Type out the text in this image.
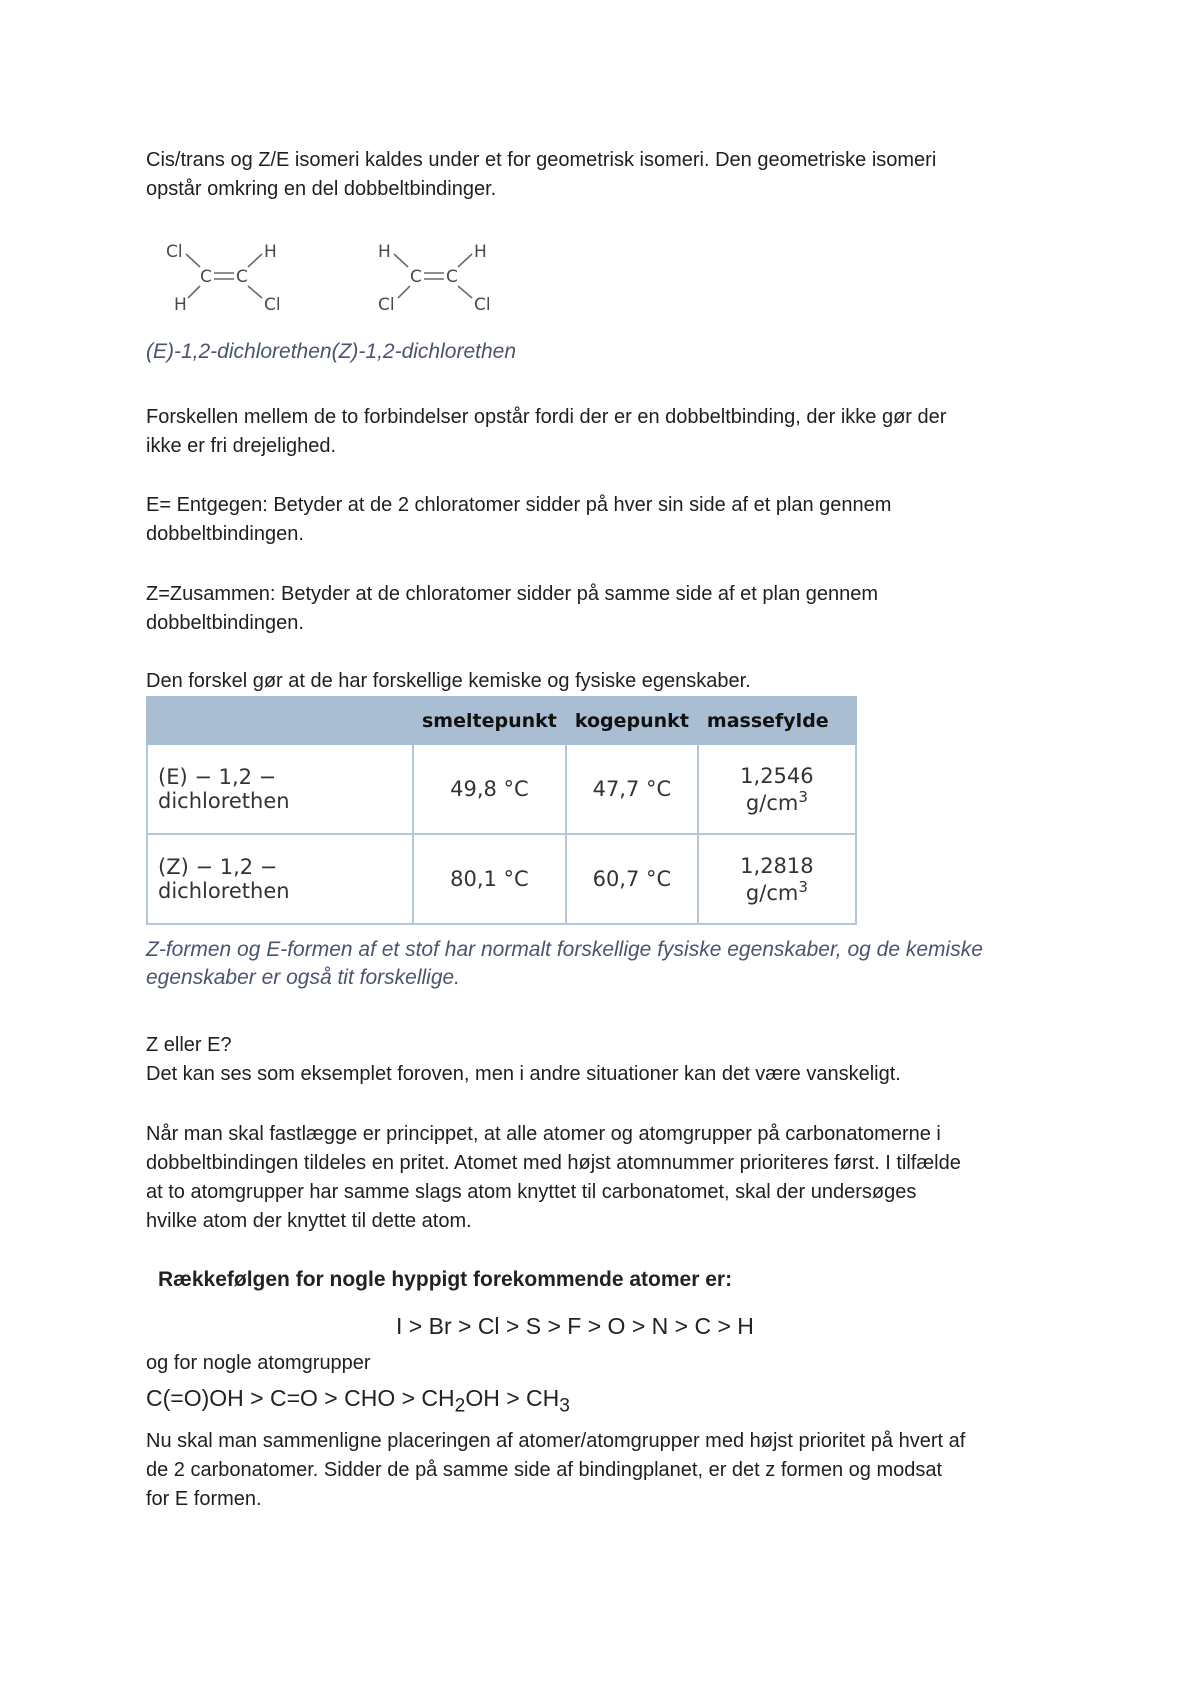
Cis/trans og Z/E isomeri kaldes under et for geometrisk isomeri. Den geometriske isomeri
opstår omkring en del dobbeltbindinger.
Cl
C C
H
H	Cl
H
C C
H
Cl	Cl
(E)-1,2-dichlorethen(Z)-1,2-dichlorethen
Forskellen mellem de to forbindelser opstår fordi der er en dobbeltbinding, der ikke gør der
ikke er fri drejelighed.
E= Entgegen: Betyder at de 2 chloratomer sidder på hver sin side af et plan gennem
dobbeltbindingen.
Z=Zusammen: Betyder at de chloratomer sidder på samme side af et plan gennem
dobbeltbindingen.
Den forskel gør at de har forskellige kemiske og fysiske egenskaber.
	smeltepunkt	kogepunkt	massefylde
(E) − 1,2 − dichlorethen	49,8 °C	47,7 °C	1,2546 $g/cm^3$
(Z) − 1,2 − dichlorethen	80,1 °C	60,7 °C	1,2818 $g/cm^3$
Z-formen og E-formen af et stof har normalt forskellige fysiske egenskaber, og de kemiske
egenskaber er også tit forskellige.
Z eller E?
Det kan ses som eksemplet foroven, men i andre situationer kan det være vanskeligt.
Når man skal fastlægge er princippet, at alle atomer og atomgrupper på carbonatomerne i
dobbeltbindingen tildeles en pritet. Atomet med højst atomnummer prioriteres først. I tilfælde
at to atomgrupper har samme slags atom knyttet til carbonatomet, skal der undersøges
hvilke atom der knyttet til dette atom.
Rækkefølgen for nogle hyppigt forekommende atomer er:
I > Br > Cl > S > F > O > N > C > H
og for nogle atomgrupper
C(=O)OH > C=O > CHO > $CH_2OH > CH_3$
Nu skal man sammenligne placeringen af atomer/atomgrupper med højst prioritet på hvert af
de 2 carbonatomer. Sidder de på samme side af bindingplanet, er det z formen og modsat
for E formen.
